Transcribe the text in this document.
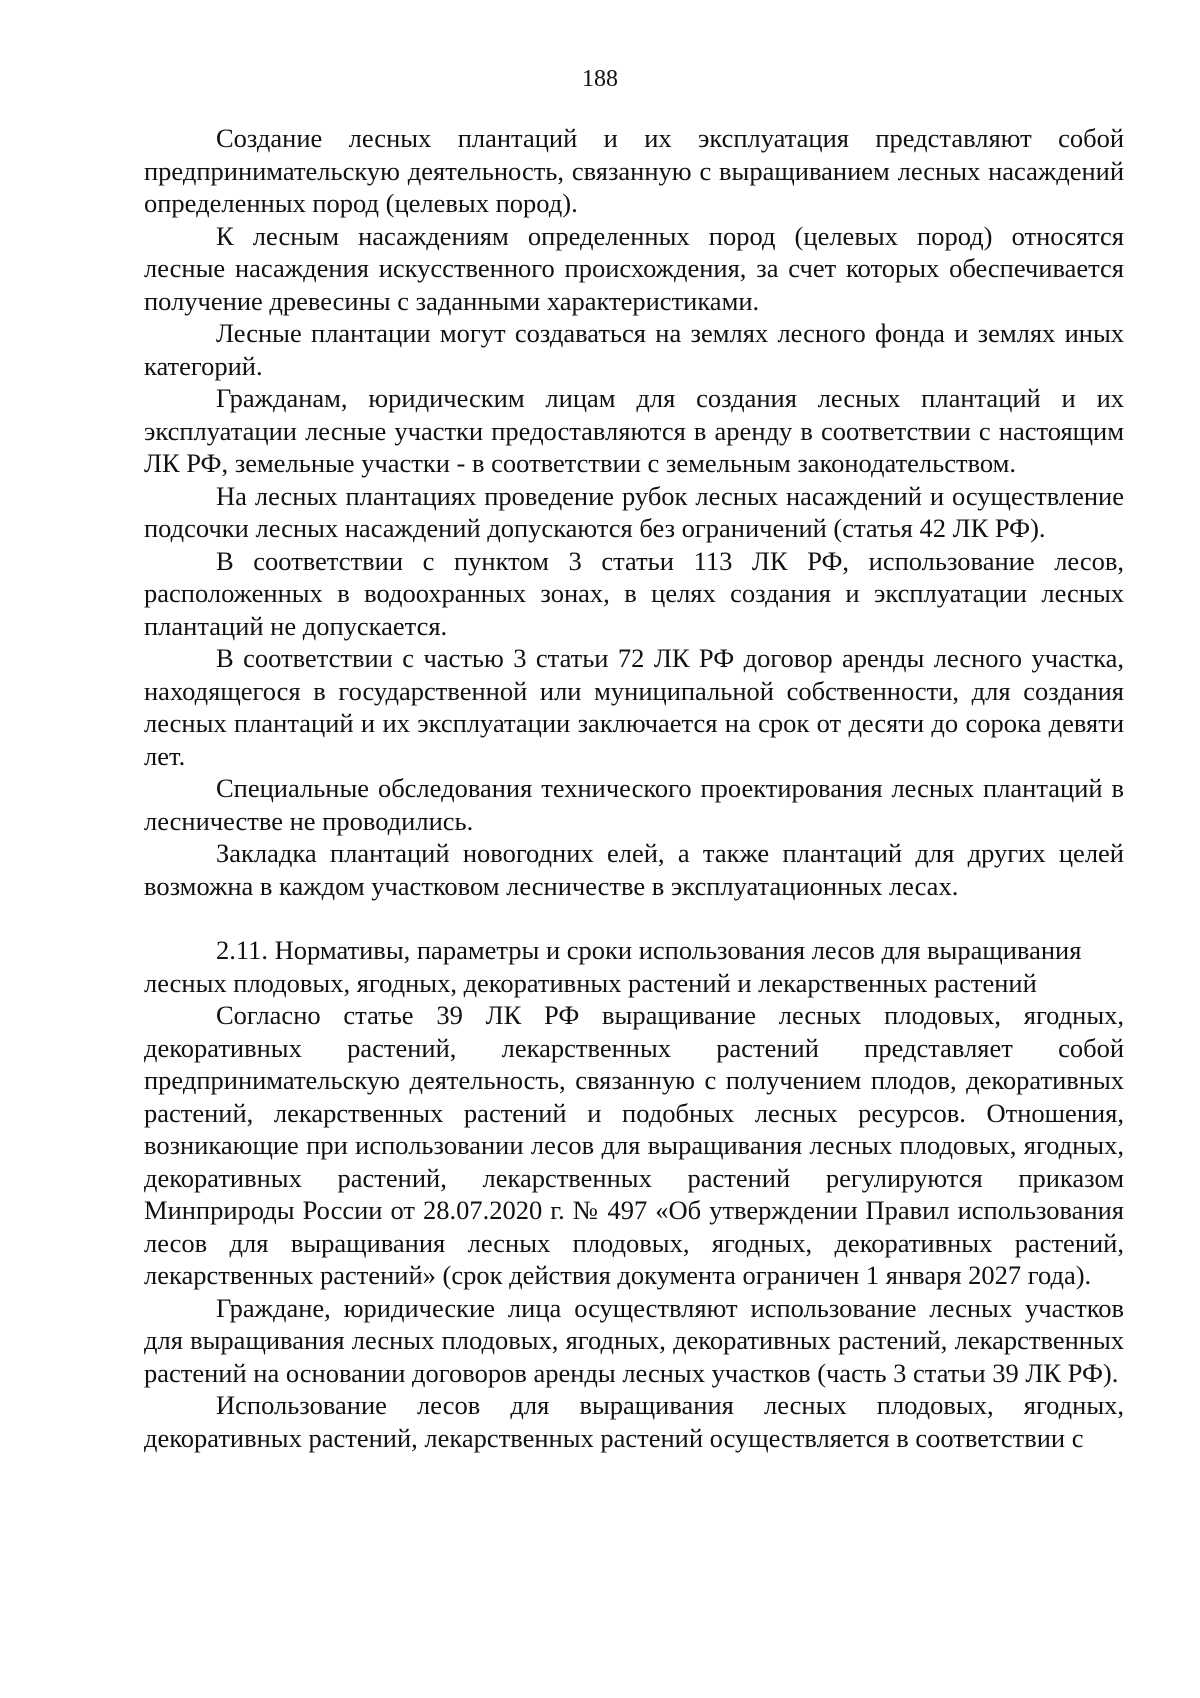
188

Создание лесных плантаций и их эксплуатация представляют собой предпринимательскую деятельность, связанную с выращиванием лесных насаждений определенных пород (целевых пород).

К лесным насаждениям определенных пород (целевых пород) относятся лесные насаждения искусственного происхождения, за счет которых обеспечивается получение древесины с заданными характеристиками.

Лесные плантации могут создаваться на землях лесного фонда и землях иных категорий.

Гражданам, юридическим лицам для создания лесных плантаций и их эксплуатации лесные участки предоставляются в аренду в соответствии с настоящим ЛК РФ, земельные участки - в соответствии с земельным законодательством.

На лесных плантациях проведение рубок лесных насаждений и осуществление подсочки лесных насаждений допускаются без ограничений (статья 42 ЛК РФ).

В соответствии с пунктом 3 статьи 113 ЛК РФ, использование лесов, расположенных в водоохранных зонах, в целях создания и эксплуатации лесных плантаций не допускается.

В соответствии с частью 3 статьи 72 ЛК РФ договор аренды лесного участка, находящегося в государственной или муниципальной собственности, для создания лесных плантаций и их эксплуатации заключается на срок от десяти до сорока девяти лет.

Специальные обследования технического проектирования лесных плантаций в лесничестве не проводились.

Закладка плантаций новогодних елей, а также плантаций для других целей возможна в каждом участковом лесничестве в эксплуатационных лесах.

2.11. Нормативы, параметры и сроки использования лесов для выращивания лесных плодовых, ягодных, декоративных растений и лекарственных растений

Согласно статье 39 ЛК РФ выращивание лесных плодовых, ягодных, декоративных растений, лекарственных растений представляет собой предпринимательскую деятельность, связанную с получением плодов, декоративных растений, лекарственных растений и подобных лесных ресурсов. Отношения, возникающие при использовании лесов для выращивания лесных плодовых, ягодных, декоративных растений, лекарственных растений регулируются приказом Минприроды России от 28.07.2020 г. № 497 «Об утверждении Правил использования лесов для выращивания лесных плодовых, ягодных, декоративных растений, лекарственных растений» (срок действия документа ограничен 1 января 2027 года).

Граждане, юридические лица осуществляют использование лесных участков для выращивания лесных плодовых, ягодных, декоративных растений, лекарственных растений на основании договоров аренды лесных участков (часть 3 статьи 39 ЛК РФ).

Использование лесов для выращивания лесных плодовых, ягодных, декоративных растений, лекарственных растений осуществляется в соответствии с
